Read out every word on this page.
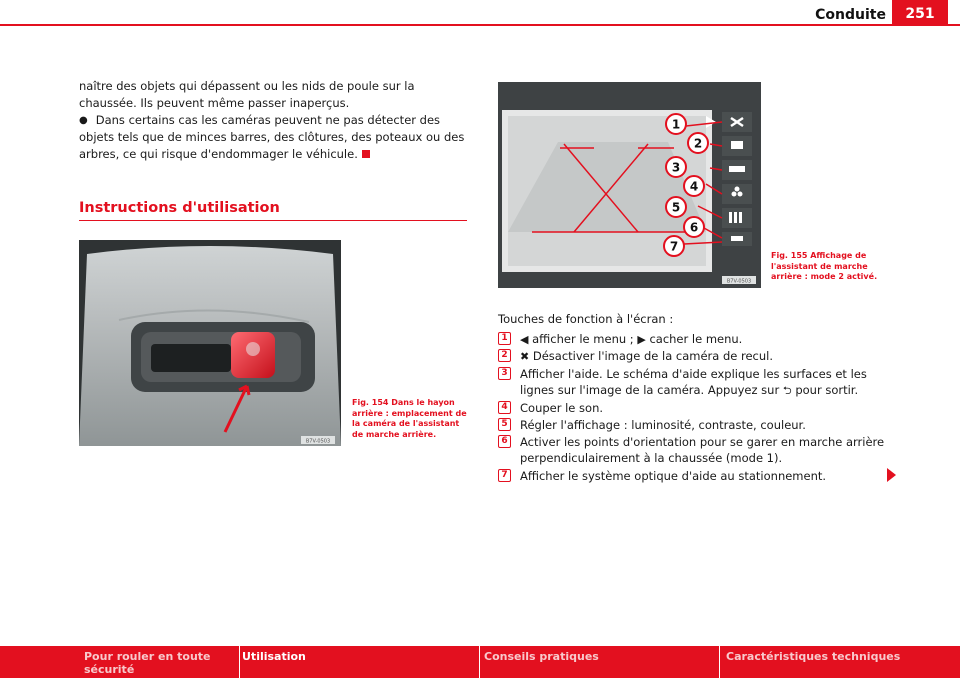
Conduite	251

naître des objets qui dépassent ou les nids de poule sur la chaussée. Ils peuvent même passer inaperçus.

● Dans certains cas les caméras peuvent ne pas détecter des objets tels que de minces barres, des clôtures, des poteaux ou des arbres, ce qui risque d'endommager le véhicule.

Instructions d'utilisation
B7V-0503
Fig. 154 Dans le hayon arrière : emplacement de la caméra de l'assistant de marche arrière.
1
2
3
4
5
6
7
B7V-0503
Fig. 155 Affichage de l'assistant de marche arrière : mode 2 activé.
Touches de fonction à l'écran :
1	◀ afficher le menu ; ▶ cacher le menu.
2	✖ Désactiver l'image de la caméra de recul.
3 Afficher l'aide. Le schéma d'aide explique les surfaces et les lignes sur l'image de la caméra. Appuyez sur ⮌ pour sortir.
4 Couper le son.
5 Régler l'affichage : luminosité, contraste, couleur.
6 Activer les points d'orientation pour se garer en marche arrière perpendiculairement à la chaussée (mode 1).
7 Afficher le système optique d'aide au stationnement.
Pour rouler en toute sécurité
Utilisation	Conseils pratiques	Caractéristiques techniques
